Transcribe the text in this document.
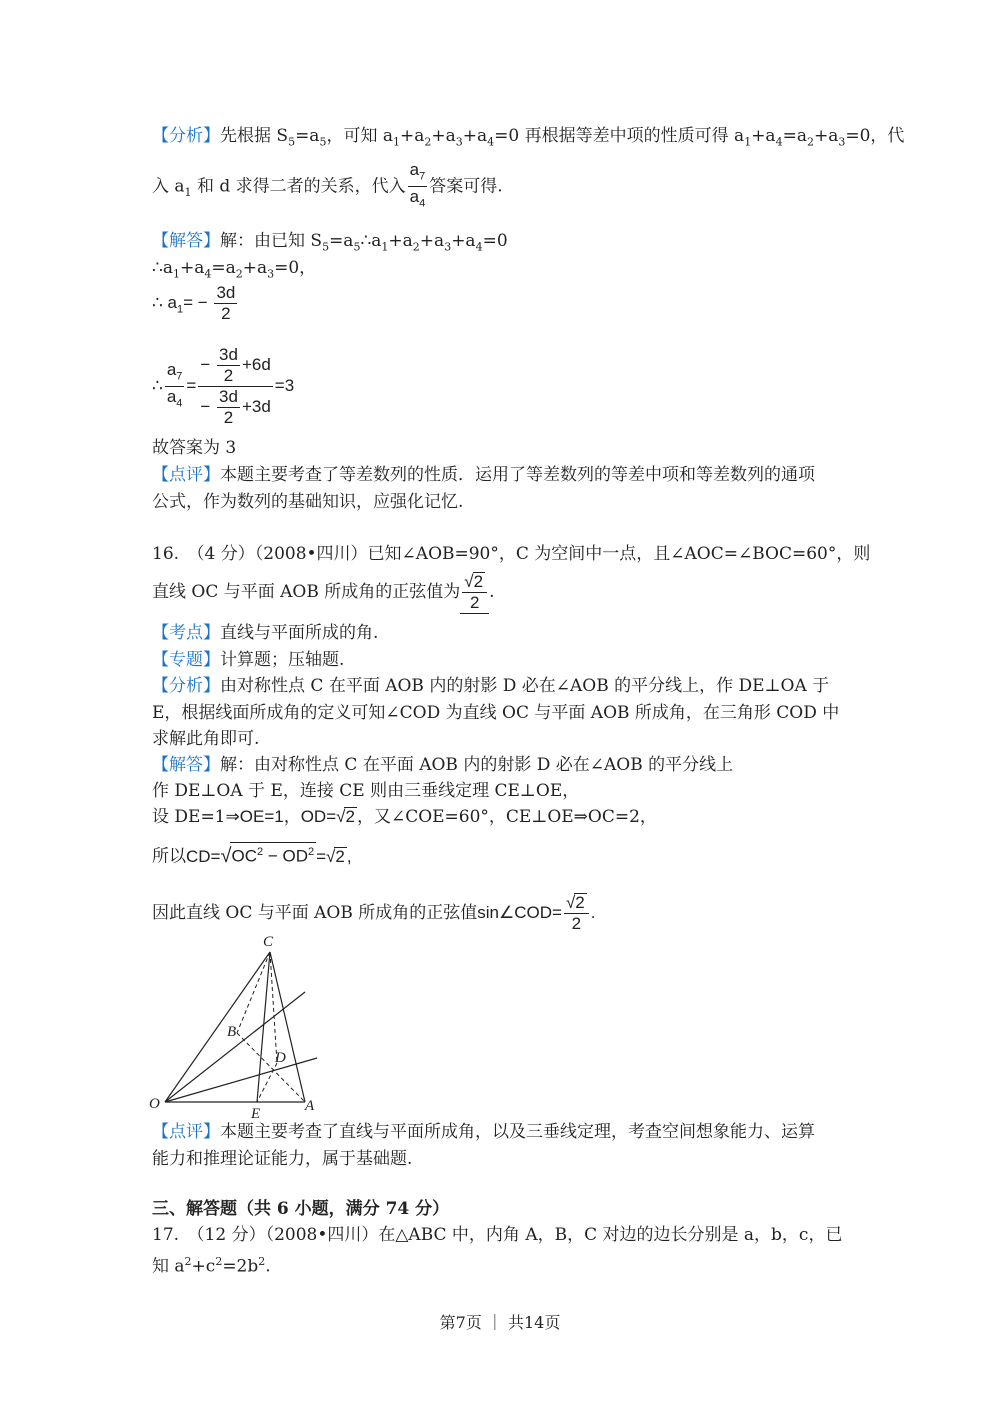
【分析】先根据 $S_5=a_5$，可知 $a_1+a_2+a_3+a_4=0$ 再根据等差中项的性质可得 $a_1+a_4=a_2+a_3=0$，代
入 $a_1$ 和 d 求得二者的关系，代入 $\frac{a_7}{a_4}$ 答案可得.
【解答】解：由已知 $S_5=a_5\therefore a_1+a_2+a_3+a_4=0$
$\therefore a_1+a_4=a_2+a_3=0$，
∴ $a_1= - \frac{3d}{2}$
∴ $\frac{a_7}{a_4} = \frac{- \frac{3d}{2} +6d}{- \frac{3d}{2} +3d} =3$
故答案为 3
【点评】本题主要考查了等差数列的性质．运用了等差数列的等差中项和等差数列的通项
公式，作为数列的基础知识，应强化记忆.
16.　（4 分）（2008•四川）已知∠AOB=90°，C 为空间中一点，且∠AOC=∠BOC=60°，则
直线 OC 与平面 AOB 所成角的正弦值为 $\frac{√2}{2}$ .
【考点】直线与平面所成的角.
【专题】计算题；压轴题.
【分析】由对称性点 C 在平面 AOB 内的射影 D 必在∠AOB 的平分线上，作 DE⊥OA 于
E，根据线面所成角的定义可知∠COD 为直线 OC 与平面 AOB 所成角，在三角形 COD 中
求解此角即可.
【解答】解：由对称性点 C 在平面 AOB 内的射影 D 必在∠AOB 的平分线上
作 DE⊥OA 于 E，连接 CE 则由三垂线定理 CE⊥OE，
设 DE=1⇒OE=1，OD=√2 ，又∠COE=60°，CE⊥OE⇒OC=2，
所以$CD=√OC^2 - OD^2 =√2$ ,
因此直线 OC 与平面 AOB 所成角的正弦值sin∠COD= $\frac{√2}{2}$ .
C
B
D
O
E	A
【点评】本题主要考查了直线与平面所成角，以及三垂线定理，考查空间想象能力、运算
能力和推理论证能力，属于基础题.
三、解答题（共 6 小题，满分 74 分）
17.　（12 分）（2008•四川）在△ABC 中，内角 A，B，C 对边的边长分别是 a，b，c，已
知 $a^2+c^2=2b^2$.
第7页 ｜ 共14页
